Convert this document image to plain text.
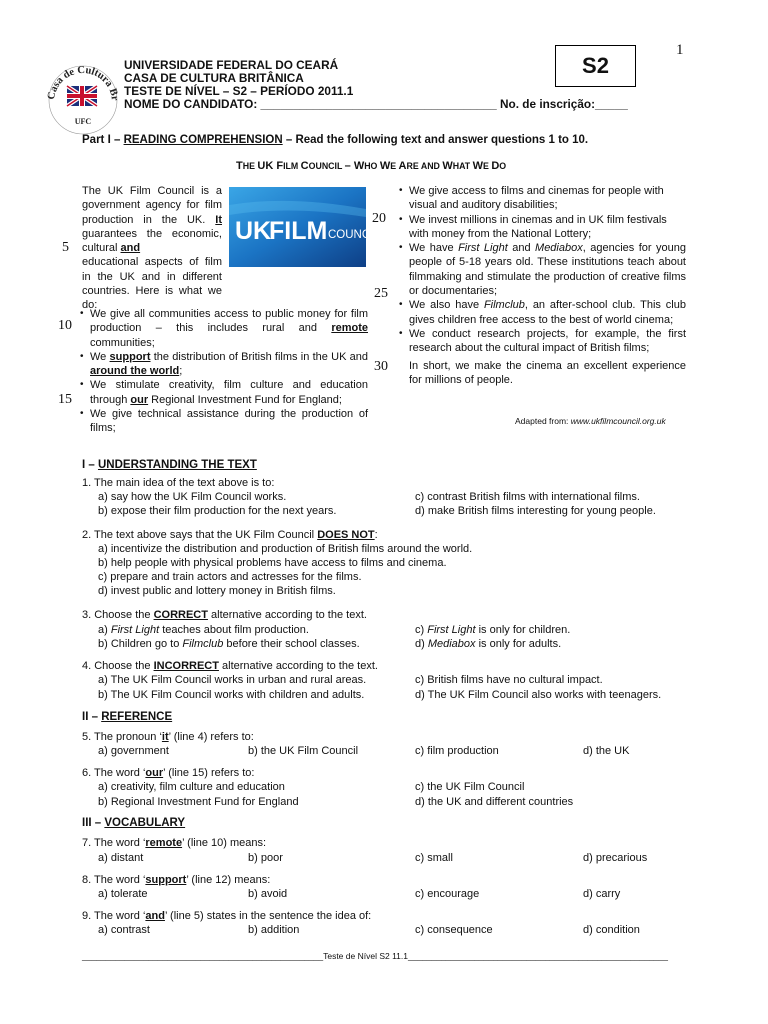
1
S2
Casa de Cultura Br
UFC
UNIVERSIDADE FEDERAL DO CEARÁ
CASA DE CULTURA BRITÂNICA
TESTE DE NÍVEL – S2 – PERÍODO 2011.1
NOME DO CANDIDATO: ____________________________________ No. de inscrição:_____
Part I – READING COMPREHENSION – Read the following text and answer questions 1 to 10.
THE UK FILM COUNCIL – WHO WE ARE AND WHAT WE DO
UK
FILM COUNCIL
The UK Film Council is a government agency for film production in the UK. It guarantees the economic, cultural and
educational aspects of film in the UK and in different countries. Here is what we do:
5
10
15
20
25
30
• We give all communities access to public money for film production – this includes rural and remote communities;
• We support the distribution of British films in the UK and around the world;
• We stimulate creativity, film culture and education through our Regional Investment Fund for England;
• We give technical assistance during the production of films;
• We give access to films and cinemas for people with visual and auditory disabilities;
• We invest millions in cinemas and in UK film festivals with money from the National Lottery;
• We have First Light and Mediabox, agencies for young people of 5-18 years old. These institutions teach about filmmaking and stimulate the production of creative films or documentaries;
• We also have Filmclub, an after-school club. This club gives children free access to the best of world cinema;
• We conduct research projects, for example, the first research about the cultural impact of British films;
In short, we make the cinema an excellent experience for millions of people.
Adapted from: www.ukfilmcouncil.org.uk
I – UNDERSTANDING THE TEXT
1. The main idea of the text above is to:
a) say how the UK Film Council works.
b) expose their film production for the next years.
c) contrast British films with international films.
d) make British films interesting for young people.
2. The text above says that the UK Film Council DOES NOT:
a) incentivize the distribution and production of British films around the world.
b) help people with physical problems have access to films and cinema.
c) prepare and train actors and actresses for the films.
d) invest public and lottery money in British films.
3. Choose the CORRECT alternative according to the text.
a) First Light teaches about film production.
b) Children go to Filmclub before their school classes.
c) First Light is only for children.
d) Mediabox is only for adults.
4. Choose the INCORRECT alternative according to the text.
a) The UK Film Council works in urban and rural areas.
b) The UK Film Council works with children and adults.
c) British films have no cultural impact.
d) The UK Film Council also works with teenagers.
II – REFERENCE
5. The pronoun ‘it’ (line 4) refers to:
a) government	b) the UK Film Council	c) film production	d) the UK
6. The word ‘our’ (line 15) refers to:
a) creativity, film culture and education
b) Regional Investment Fund for England
c) the UK Film Council
d) the UK and different countries
III – VOCABULARY
7. The word ‘remote’ (line 10) means:
a) distant	b) poor	c) small	d) precarious
8. The word ‘support’ (line 12) means:
a) tolerate	b) avoid	c) encourage	d) carry
9. The word ‘and’ (line 5) states in the sentence the idea of:
a) contrast	b) addition	c) consequence	d) condition
___________________________________________________Teste de Nível S2 11.1_______________________________________________________
